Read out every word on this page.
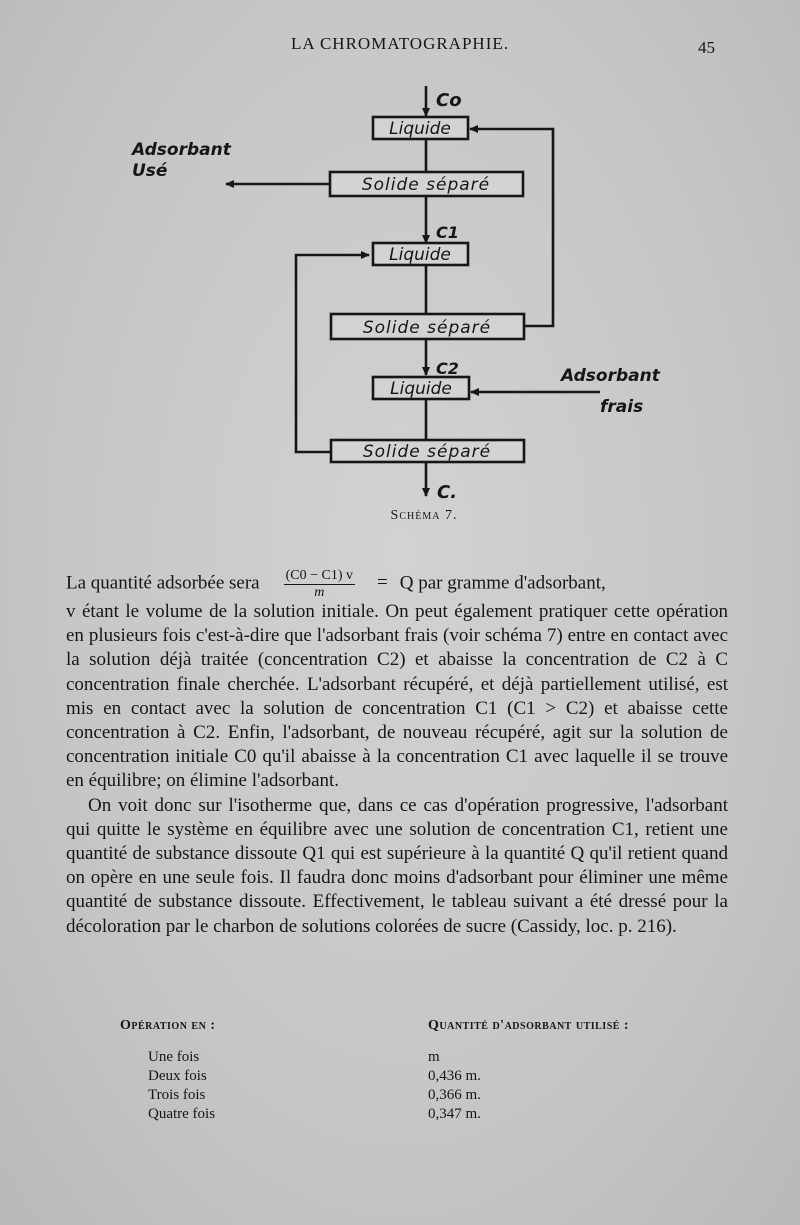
LA CHROMATOGRAPHIE.	45
Liquide
Solide séparé
Liquide
Solide séparé
Liquide
Solide séparé
Co
C1
C2
C.
Adsorbant
Usé
Adsorbant
frais
Schéma 7.

La quantité adsorbée sera $\frac{(C0 - C1) v}{m} = Q$ par gramme d'adsorbant,

v étant le volume de la solution initiale. On peut également pratiquer cette opération en plusieurs fois c'est-à-dire que l'adsorbant frais (voir schéma 7) entre en contact avec la solution déjà traitée (concentration C2) et abaisse la concentration de C2 à C concentration finale cherchée. L'adsorbant récupéré, et déjà partiellement utilisé, est mis en contact avec la solution de concentration C1 (C1 > C2) et abaisse cette concentration à C2. Enfin, l'adsorbant, de nouveau récupéré, agit sur la solution de concentration initiale C0 qu'il abaisse à la concentration C1 avec laquelle il se trouve en équilibre; on élimine l'adsorbant.

On voit donc sur l'isotherme que, dans ce cas d'opération progressive, l'adsorbant qui quitte le système en équilibre avec une solution de concentration C1, retient une quantité de substance dissoute Q1 qui est supérieure à la quantité Q qu'il retient quand on opère en une seule fois. Il faudra donc moins d'adsorbant pour éliminer une même quantité de substance dissoute. Effectivement, le tableau suivant a été dressé pour la décoloration par le charbon de solutions colorées de sucre (Cassidy, loc. p. 216).

Opération en :	Quantité d'adsorbant utilisé :
Une fois
Deux fois
Trois fois
Quatre fois
m
0,436 m.
0,366 m.
0,347 m.
